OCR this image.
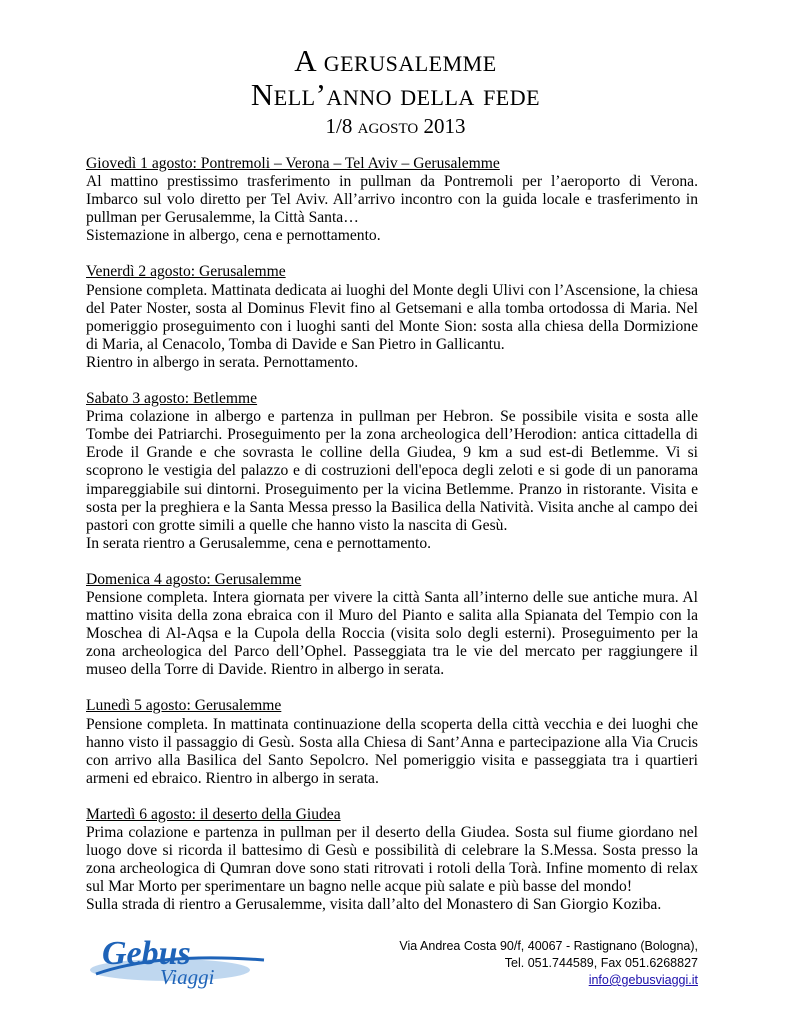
A gerusalemme
Nell’anno della fede
1/8 agosto 2013
Giovedì 1 agosto: Pontremoli – Verona – Tel Aviv – Gerusalemme
Al mattino prestissimo trasferimento in pullman da Pontremoli per l’aeroporto di Verona. Imbarco sul volo diretto per Tel Aviv. All’arrivo incontro con la guida locale e trasferimento in pullman per Gerusalemme, la Città Santa…
Sistemazione in albergo, cena e pernottamento.
Venerdì 2 agosto: Gerusalemme
Pensione completa. Mattinata dedicata ai luoghi del Monte degli Ulivi con l’Ascensione, la chiesa del Pater Noster, sosta al Dominus Flevit fino al Getsemani e alla tomba ortodossa di Maria. Nel pomeriggio proseguimento con i luoghi santi del Monte Sion: sosta alla chiesa della Dormizione di Maria, al Cenacolo, Tomba di Davide e San Pietro in Gallicantu.
Rientro in albergo in serata. Pernottamento.
Sabato 3 agosto: Betlemme
Prima colazione in albergo e partenza in pullman per Hebron. Se possibile visita e sosta alle Tombe dei Patriarchi. Proseguimento per la zona archeologica dell’Herodion: antica cittadella di Erode il Grande e che sovrasta le colline della Giudea, 9 km a sud est-di Betlemme. Vi si scoprono le vestigia del palazzo e di costruzioni dell'epoca degli zeloti e si gode di un panorama impareggiabile sui dintorni. Proseguimento per la vicina Betlemme. Pranzo in ristorante. Visita e sosta per la preghiera e la Santa Messa presso la Basilica della Natività. Visita anche al campo dei pastori con grotte simili a quelle che hanno visto la nascita di Gesù.
In serata rientro a Gerusalemme, cena e pernottamento.
Domenica 4 agosto: Gerusalemme
Pensione completa. Intera giornata per vivere la città Santa all’interno delle sue antiche mura. Al mattino visita della zona ebraica con il Muro del Pianto e salita alla Spianata del Tempio con la Moschea di Al-Aqsa e la Cupola della Roccia (visita solo degli esterni). Proseguimento per la zona archeologica del Parco dell’Ophel. Passeggiata tra le vie del mercato per raggiungere il museo della Torre di Davide. Rientro in albergo in serata.
Lunedì 5 agosto: Gerusalemme
Pensione completa. In mattinata continuazione della scoperta della città vecchia e dei luoghi che hanno visto il passaggio di Gesù. Sosta alla Chiesa di Sant’Anna e partecipazione alla Via Crucis con arrivo alla Basilica del Santo Sepolcro. Nel pomeriggio visita e passeggiata tra i quartieri armeni ed ebraico. Rientro in albergo in serata.
Martedì 6 agosto: il deserto della Giudea
Prima colazione e partenza in pullman per il deserto della Giudea. Sosta sul fiume giordano nel luogo dove si ricorda il battesimo di Gesù e possibilità di celebrare la S.Messa. Sosta presso la zona archeologica di Qumran dove sono stati ritrovati i rotoli della Torà. Infine momento di relax sul Mar Morto per sperimentare un bagno nelle acque più salate e più basse del mondo!
Sulla strada di rientro a Gerusalemme, visita dall’alto del Monastero di San Giorgio Koziba.
Gebus
Viaggi
Via Andrea Costa 90/f, 40067 - Rastignano (Bologna),
Tel. 051.744589, Fax 051.6268827
info@gebusviaggi.it
